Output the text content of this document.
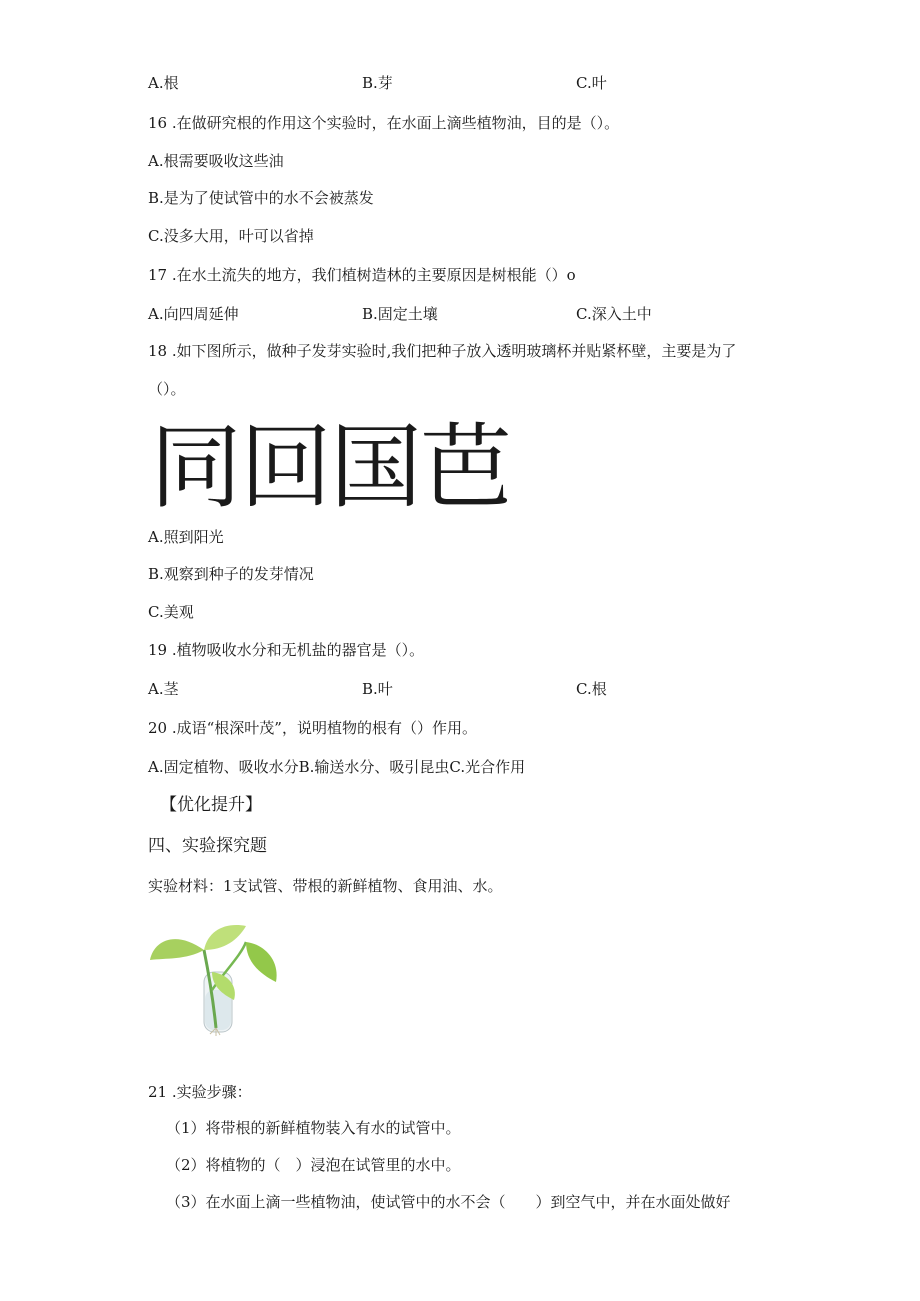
A.根	B.芽	C.叶
16 .在做研究根的作用这个实验时，在水面上滴些植物油，目的是（）。
A.根需要吸收这些油
B.是为了使试管中的水不会被蒸发
C.没多大用，叶可以省掉
17 .在水土流失的地方，我们植树造林的主要原因是树根能（）o
A.向四周延伸	B.固定土壤	C.深入土中
18 .如下图所示，做种子发芽实验时,我们把种子放入透明玻璃杯并贴紧杯壁，主要是为了
（）。
同回国芭
A.照到阳光
B.观察到种子的发芽情况
C.美观
19 .植物吸收水分和无机盐的器官是（）。
A.茎	B.叶	C.根
20 .成语“根深叶茂”，说明植物的根有（）作用。
A.固定植物、吸收水分B.输送水分、吸引昆虫C.光合作用
【优化提升】
四、实验探究题
实验材料：1支试管、带根的新鲜植物、食用油、水。
21 .实验步骤：
（1）将带根的新鲜植物装入有水的试管中。
（2）将植物的（　）浸泡在试管里的水中。
（3）在水面上滴一些植物油，使试管中的水不会（　　）到空气中，并在水面处做好
